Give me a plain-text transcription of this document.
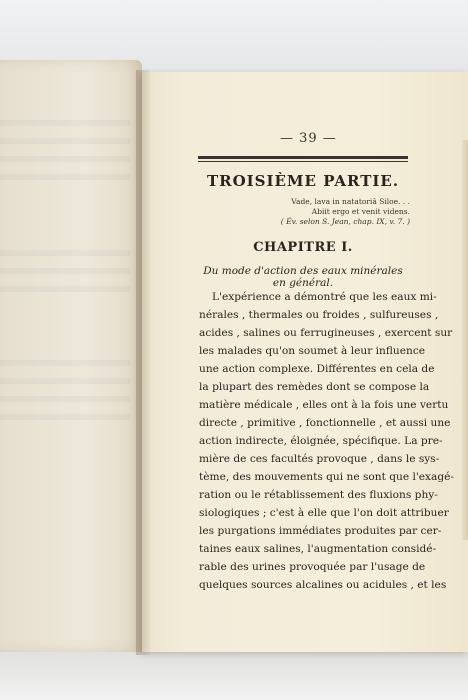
— 39 —
TROISIÈME PARTIE.
Vade, lava in natatoriâ Siloe. . .
Abiit ergo et venit videns.
( Év. selon S. Jean, chap. IX, v. 7. )
CHAPITRE I.
Du mode d'action des eaux minérales en général.
L'expérience a démontré que les eaux mi-
nérales , thermales ou froides , sulfureuses ,
acides , salines ou ferrugineuses , exercent sur
les malades qu'on soumet à leur influence
une action complexe. Différentes en cela de
la plupart des remèdes dont se compose la
matière médicale , elles ont à la fois une vertu
directe , primitive , fonctionnelle , et aussi une
action indirecte, éloignée, spécifique. La pre-
mière de ces facultés provoque , dans le sys-
tème, des mouvements qui ne sont que l'exagé-
ration ou le rétablissement des fluxions phy-
siologiques ; c'est à elle que l'on doit attribuer
les purgations immédiates produites par cer-
taines eaux salines, l'augmentation considé-
rable des urines provoquée par l'usage de
quelques sources alcalines ou acidules , et les
